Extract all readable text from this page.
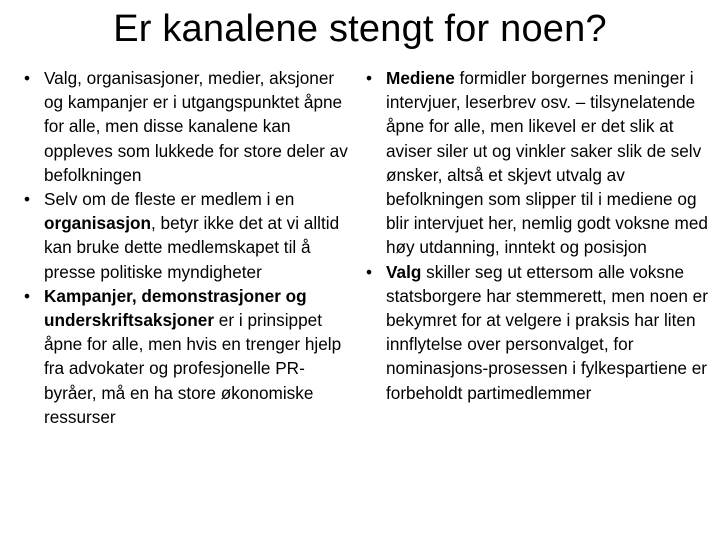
Er kanalene stengt for noen?
• Valg, organisasjoner, medier, aksjoner og kampanjer er i utgangspunktet åpne for alle, men disse kanalene kan oppleves som lukkede for store deler av befolkningen
• Selv om de fleste er medlem i en organisasjon, betyr ikke det at vi alltid kan bruke dette medlemskapet til å presse politiske myndigheter
• Kampanjer, demonstrasjoner og underskriftsaksjoner er i prinsippet åpne for alle, men hvis en trenger hjelp fra advokater og profesjonelle PR-byråer, må en ha store økonomiske ressurser
• Mediene formidler borgernes meninger i intervjuer, leserbrev osv. – tilsynelatende åpne for alle, men likevel er det slik at aviser siler ut og vinkler saker slik de selv ønsker, altså et skjevt utvalg av befolkningen som slipper til i mediene og blir intervjuet her, nemlig godt voksne med høy utdanning, inntekt og posisjon
• Valg skiller seg ut ettersom alle voksne statsborgere har stemmerett, men noen er bekymret for at velgere i praksis har liten innflytelse over personvalget, for nominasjons-prosessen i fylkespartiene er forbeholdt partimedlemmer
